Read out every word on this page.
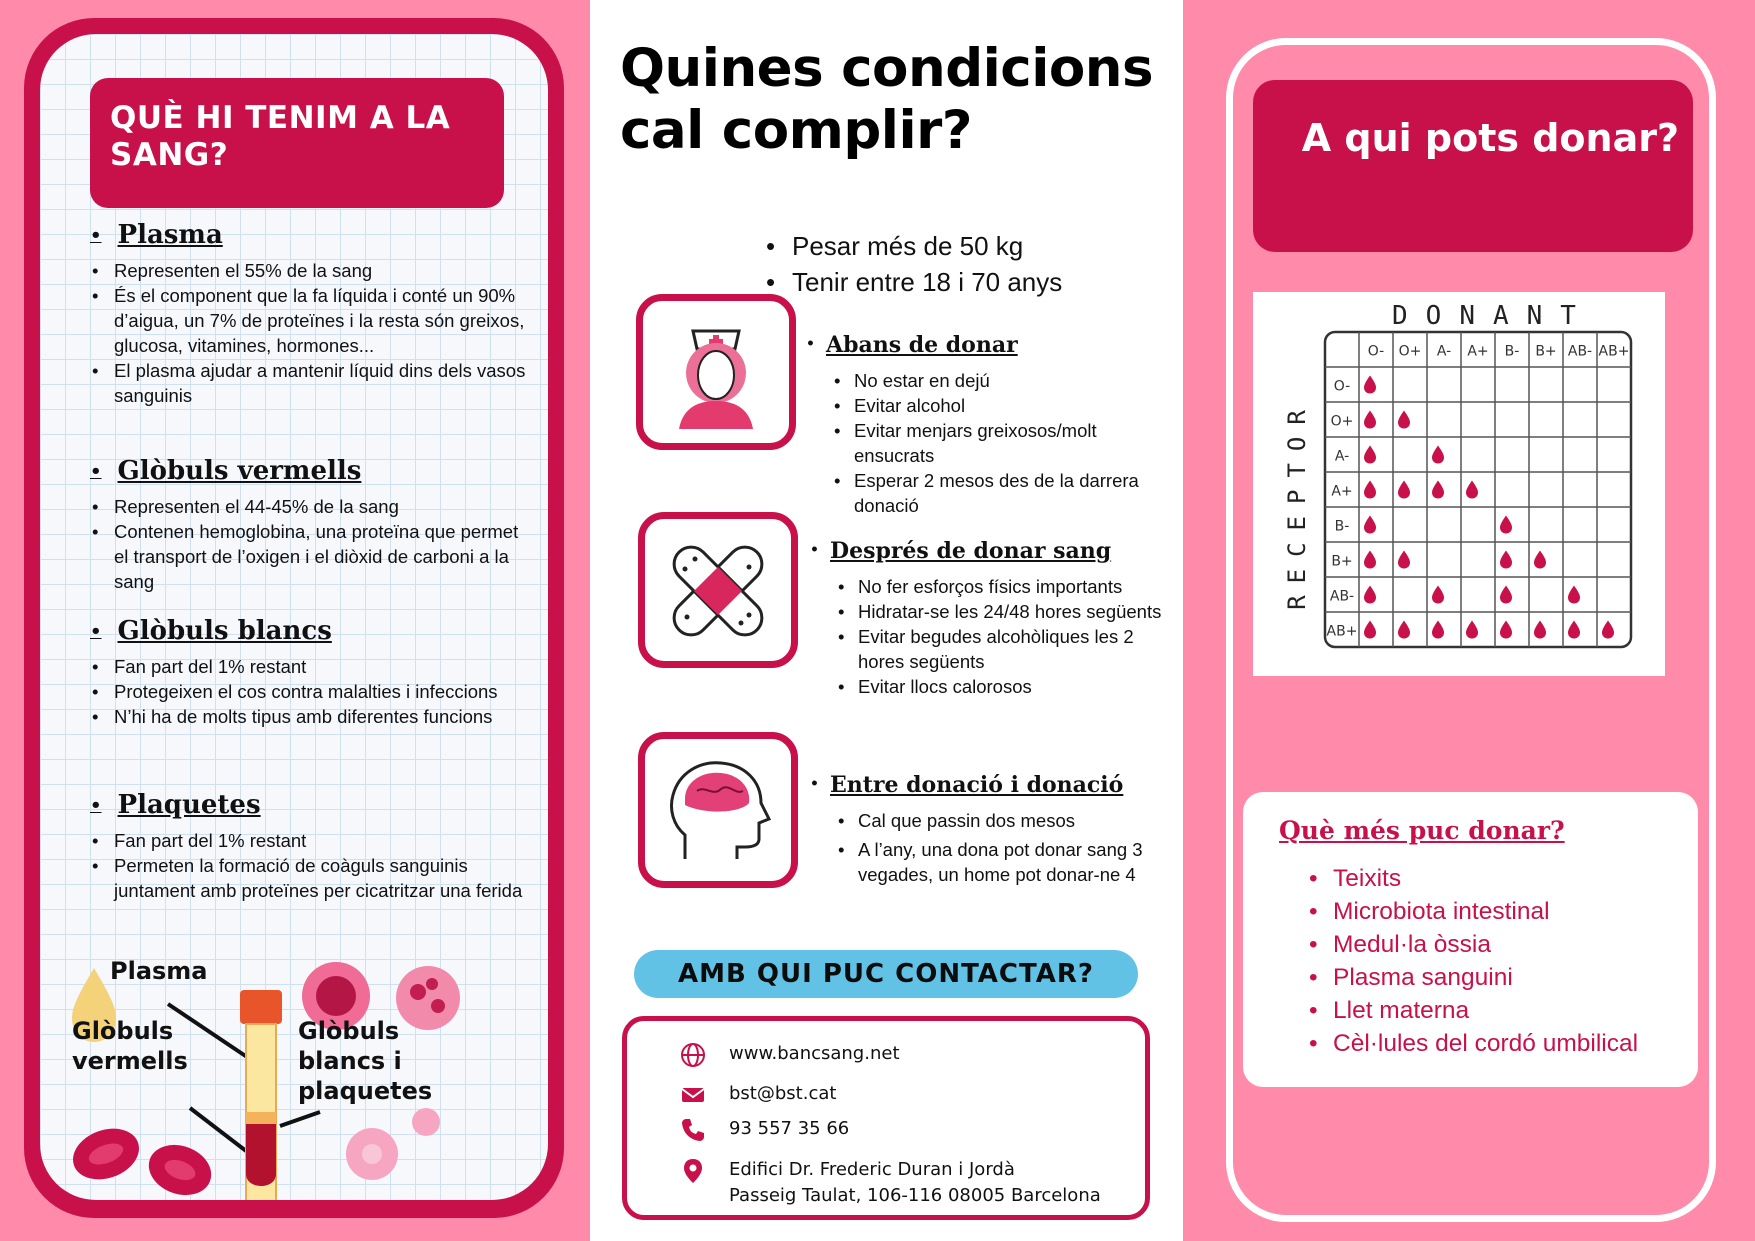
QUÈ HI TENIM A LA SANG?
• Plasma
• Representen el 55% de la sang
• És el component que la fa líquida i conté un 90% d’aigua, un 7% de proteïnes i la resta són greixos, glucosa, vitamines, hormones...
• El plasma ajudar a mantenir líquid dins dels vasos sanguinis
• Glòbuls vermells
• Representen el 44-45% de la sang
• Contenen hemoglobina, una proteïna que permet el transport de l’oxigen i el diòxid de carboni a la sang
• Glòbuls blancs
• Fan part del 1% restant
• Protegeixen el cos contra malalties i infeccions
• N’hi ha de molts tipus amb diferentes funcions
• Plaquetes
• Fan part del 1% restant
• Permeten la formació de coàguls sanguinis juntament amb proteïnes per cicatritzar una ferida
Plasma
Glòbuls vermells
Glòbuls blancs i plaquetes
Quines condicions cal complir?
• Pesar més de 50 kg
• Tenir entre 18 i 70 anys
• Abans de donar
• No estar en dejú
• Evitar alcohol
• Evitar menjars greixosos/molt ensucrats
• Esperar 2 mesos des de la darrera donació
• Després de donar sang
• No fer esforços físics importants
• Hidratar-se les 24/48 hores següents
• Evitar begudes alcohòliques les 2 hores següents
• Evitar llocs calorosos
• Entre donació i donació
• Cal que passin dos mesos
• A l’any, una dona pot donar sang 3 vegades, un home pot donar-ne 4
AMB QUI PUC CONTACTAR?
www.bancsang.net
bst@bst.cat
93 557 35 66
Edifici Dr. Frederic Duran i Jordà
Passeig Taulat, 106-116 08005 Barcelona
A qui pots donar?
DONANT
RECEPTOR
O-
O-
O+
O+
A-
A-
A+
A+
B-
B-
B+
B+
AB-
AB-
AB+
AB+
Què més puc donar?
• Teixits
• Microbiota intestinal
• Medul·la òssia
• Plasma sanguini
• Llet materna
• Cèl·lules del cordó umbilical
